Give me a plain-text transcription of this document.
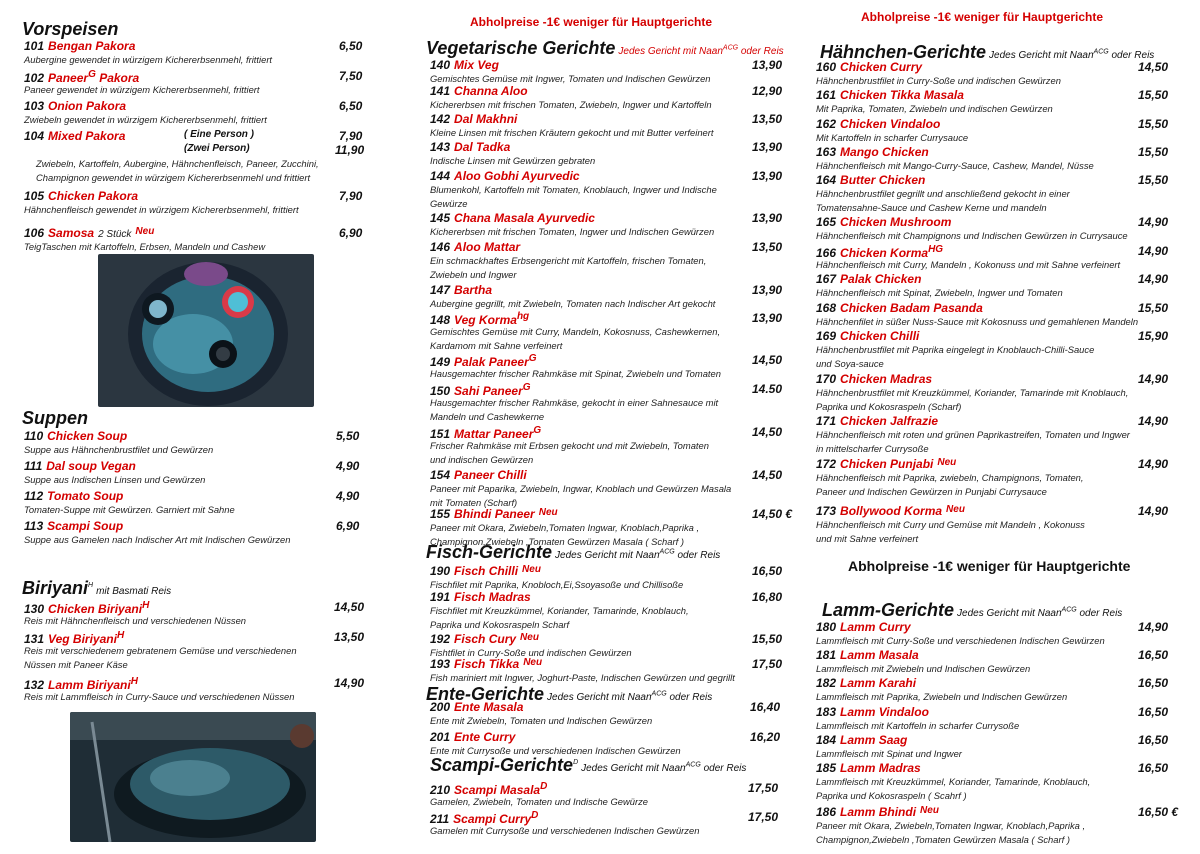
Vorspeisen
101 Bengan Pakora	6,50
Aubergine gewendet in würzigem Kichererbsenmehl, frittiert
102 Paneer$^G$ Pakora	7,50
Paneer gewendet in würzigem Kichererbsenmehl, frittiert
103 Onion Pakora	6,50
Zwiebeln gewendet in würzigem Kichererbsenmehl, frittiert
104 Mixed Pakora	( Eine Person )	7,90
(Zwei Person)	11,90
Zwiebeln, Kartoffeln, Aubergine, Hähnchenfleisch, Paneer, Zucchini,
Champignon gewendet in würzigem Kichererbsenmehl und frittiert
105 Chicken Pakora	7,90
Hähnchenfleisch gewendet in würzigem Kichererbsenmehl, frittiert
106 Samosa 2 Stück $^{Neu}$	6,90
TeigTaschen mit Kartoffeln, Erbsen, Mandeln und Cashew
Suppen
110 Chicken Soup	5,50
Suppe aus Hähnchenbrustfilet und Gewürzen
111 Dal soup Vegan	4,90
Suppe aus Indischen Linsen und Gewürzen
112 Tomato Soup	4,90
Tomaten-Suppe mit Gewürzen. Garniert mit Sahne
113 Scampi Soup	6,90
Suppe aus Gamelen nach Indischer Art mit Indischen Gewürzen
Biriyani$^H$mit Basmati Reis
130 Chicken Biriyani$^H$	14,50
Reis mit Hähnchenfleisch und verschiedenen Nüssen
131 Veg Biriyani$^H$	13,50
Reis mit verschiedenem gebratenem Gemüse und verschiedenen
Nüssen mit Paneer Käse
132 Lamm Biriyani$^H$	14,90
Reis mit Lammfleisch in Curry-Sauce und verschiedenen Nüssen
Abholpreise -1€ weniger für Hauptgerichte
Vegetarische Gerichte Jedes Gericht mit Naan$^{ACG}$ oder Reis
140 Mix Veg	13,90
Gemischtes Gemüse mit Ingwer, Tomaten und Indischen Gewürzen
141 Channa Aloo	12,90
Kichererbsen mit frischen Tomaten, Zwiebeln, Ingwer und Kartoffeln
142 Dal Makhni	13,50
Kleine Linsen mit frischen Kräutern gekocht und mit Butter verfeinert
143 Dal Tadka	13,90
Indische Linsen mit Gewürzen gebraten
144 Aloo Gobhi Ayurvedic	13,90
Blumenkohl, Kartoffeln mit Tomaten, Knoblauch, Ingwer und Indische
Gewürze
145 Chana Masala Ayurvedic	13,90
Kichererbsen mit frischen Tomaten, Ingwer und Indischen Gewürzen
146 Aloo Mattar	13,50
Ein schmackhaftes Erbsengericht mit Kartoffeln, frischen Tomaten,
Zwiebeln und Ingwer
147 Bartha	13,90
Aubergine gegrillt, mit Zwiebeln, Tomaten nach Indischer Art gekocht
148 Veg Korma$^{hg}$	13,90
Gemischtes Gemüse mit Curry, Mandeln, Kokosnuss, Cashewkernen,
Kardamom mit Sahne verfeinert
149 Palak Paneer$^G$	14,50
Hausgemachter frischer Rahmkäse mit Spinat, Zwiebeln und Tomaten
150 Sahi Paneer$^G$	14.50
Hausgemachter frischer Rahmkäse, gekocht in einer Sahnesauce mit
Mandeln und Cashewkerne
151 Mattar Paneer$^G$	14,50
Frischer Rahmkäse mit Erbsen gekocht und mit Zwiebeln, Tomaten
und indischen Gewürzen
154 Paneer Chilli	14,50
Paneer mit Paparika, Zwiebeln, Ingwar, Knoblach und Gewürzen Masala
mit Tomaten (Scharf)
155 Bhindi Paneer $^{Neu}$	14,50 €
Paneer mit Okara, Zwiebeln,Tomaten Ingwar, Knoblach,Paprika ,
Champignon,Zwiebeln ,Tomaten Gewürzen Masala ( Scharf )
Fisch-Gerichte Jedes Gericht mit Naan$^{ACG}$ oder Reis
190 Fisch Chilli $^{Neu}$	16,50
Fischfilet mit Paprika, Knobloch,Ei,Ssoyasoße und Chillisoße
191 Fisch Madras	16,80
Fischfilet mit Kreuzkümmel, Koriander, Tamarinde, Knoblauch,
Paprika und Kokosraspeln Scharf
192 Fisch Cury $^{Neu}$	15,50
Fishtfilet in Curry-Soße und indischen Gewürzen
193 Fisch Tikka $^{Neu}$	17,50
Fish mariniert mit Ingwer, Joghurt-Paste, Indischen Gewürzen und gegrillt
Ente-Gerichte Jedes Gericht mit Naan$^{ACG}$ oder Reis
200 Ente Masala	16,40
Ente mit Zwiebeln, Tomaten und Indischen Gewürzen
201 Ente Curry	16,20
Ente mit Currysoße und verschiedenen Indischen Gewürzen
Scampi-Gerichte$^D$Jedes Gericht mit Naan$^{ACG}$ oder Reis
210 Scampi Masala$^D$	17,50
Gamelen, Zwiebeln, Tomaten und Indische Gewürze
211 Scampi Curry$^D$	17,50
Gamelen mit Currysoße und verschiedenen Indischen Gewürzen
Abholpreise -1€ weniger für Hauptgerichte
Hähnchen-Gerichte Jedes Gericht mit Naan$^{ACG}$ oder Reis
160 Chicken Curry	14,50
Hähnchenbrustfilet in Curry-Soße und indischen Gewürzen
161 Chicken Tikka Masala	15,50
Mit Paprika, Tomaten, Zwiebeln und indischen Gewürzen
162 Chicken Vindaloo	15,50
Mit Kartoffeln in scharfer Currysauce
163 Mango Chicken	15,50
Hähnchenfleisch mit Mango-Curry-Sauce, Cashew, Mandel, Nüsse
164 Butter Chicken	15,50
Hähnchenbrustfilet gegrillt und anschließend gekocht in einer
Tomatensahne-Sauce und Cashew Kerne und mandeln
165 Chicken Mushroom	14,90
Hähnchenfleisch mit Champignons und Indischen Gewürzen in Currysauce
166 Chicken Korma$^{HG}$	14,90
Hähnchenfleisch mit Curry, Mandeln , Kokonuss und mit Sahne verfeinert
167 Palak Chicken	14,90
Hähnchenfleisch mit Spinat, Zwiebeln, Ingwer und Tomaten
168 Chicken Badam Pasanda	15,50
Hähnchenfilet in süßer Nuss-Sauce mit Kokosnuss und gemahlenen Mandeln
169 Chicken Chilli	15,90
Hähnchenbrustfilet mit Paprika eingelegt in Knoblauch-Chilli-Sauce
und Soya-sauce
170 Chicken Madras	14,90
Hähnchenbrustfilet mit Kreuzkümmel, Koriander, Tamarinde mit Knoblauch,
Paprika und Kokosraspeln (Scharf)
171 Chicken Jalfrazie	14,90
Hähnchenfleisch mit roten und grünen Paprikastreifen, Tomaten und Ingwer
in mittelscharfer Currysoße
172 Chicken Punjabi $^{Neu}$	14,90
Hähnchenfleisch mit Paprika, zwiebeln, Champignons, Tomaten,
Paneer und Indischen Gewürzen in Punjabi Currysauce
173 Bollywood Korma $^{Neu}$	14,90
Hähnchenfleisch mit Curry und Gemüse mit Mandeln , Kokonuss
und mit Sahne verfeinert
Abholpreise -1€ weniger für Hauptgerichte
Lamm-Gerichte Jedes Gericht mit Naan$^{ACG}$ oder Reis
180 Lamm Curry	14,90
Lammfleisch mit Curry-Soße und verschiedenen Indischen Gewürzen
181 Lamm Masala	16,50
Lammfleisch mit Zwiebeln und Indischen Gewürzen
182 Lamm Karahi	16,50
Lammfleisch mit Paprika, Zwiebeln und Indischen Gewürzen
183 Lamm Vindaloo	16,50
Lammfleisch mit Kartoffeln in scharfer Currysoße
184 Lamm Saag	16,50
Lammfleisch mit Spinat und Ingwer
185 Lamm Madras	16,50
Lammfleisch mit Kreuzkümmel, Koriander, Tamarinde, Knoblauch,
Paprika und Kokosraspeln ( Scahrf )
186 Lamm Bhindi $^{Neu}$	16,50 €
Paneer mit Okara, Zwiebeln,Tomaten Ingwar, Knoblach,Paprika ,
Champignon,Zwiebeln ,Tomaten Gewürzen Masala ( Scharf )
